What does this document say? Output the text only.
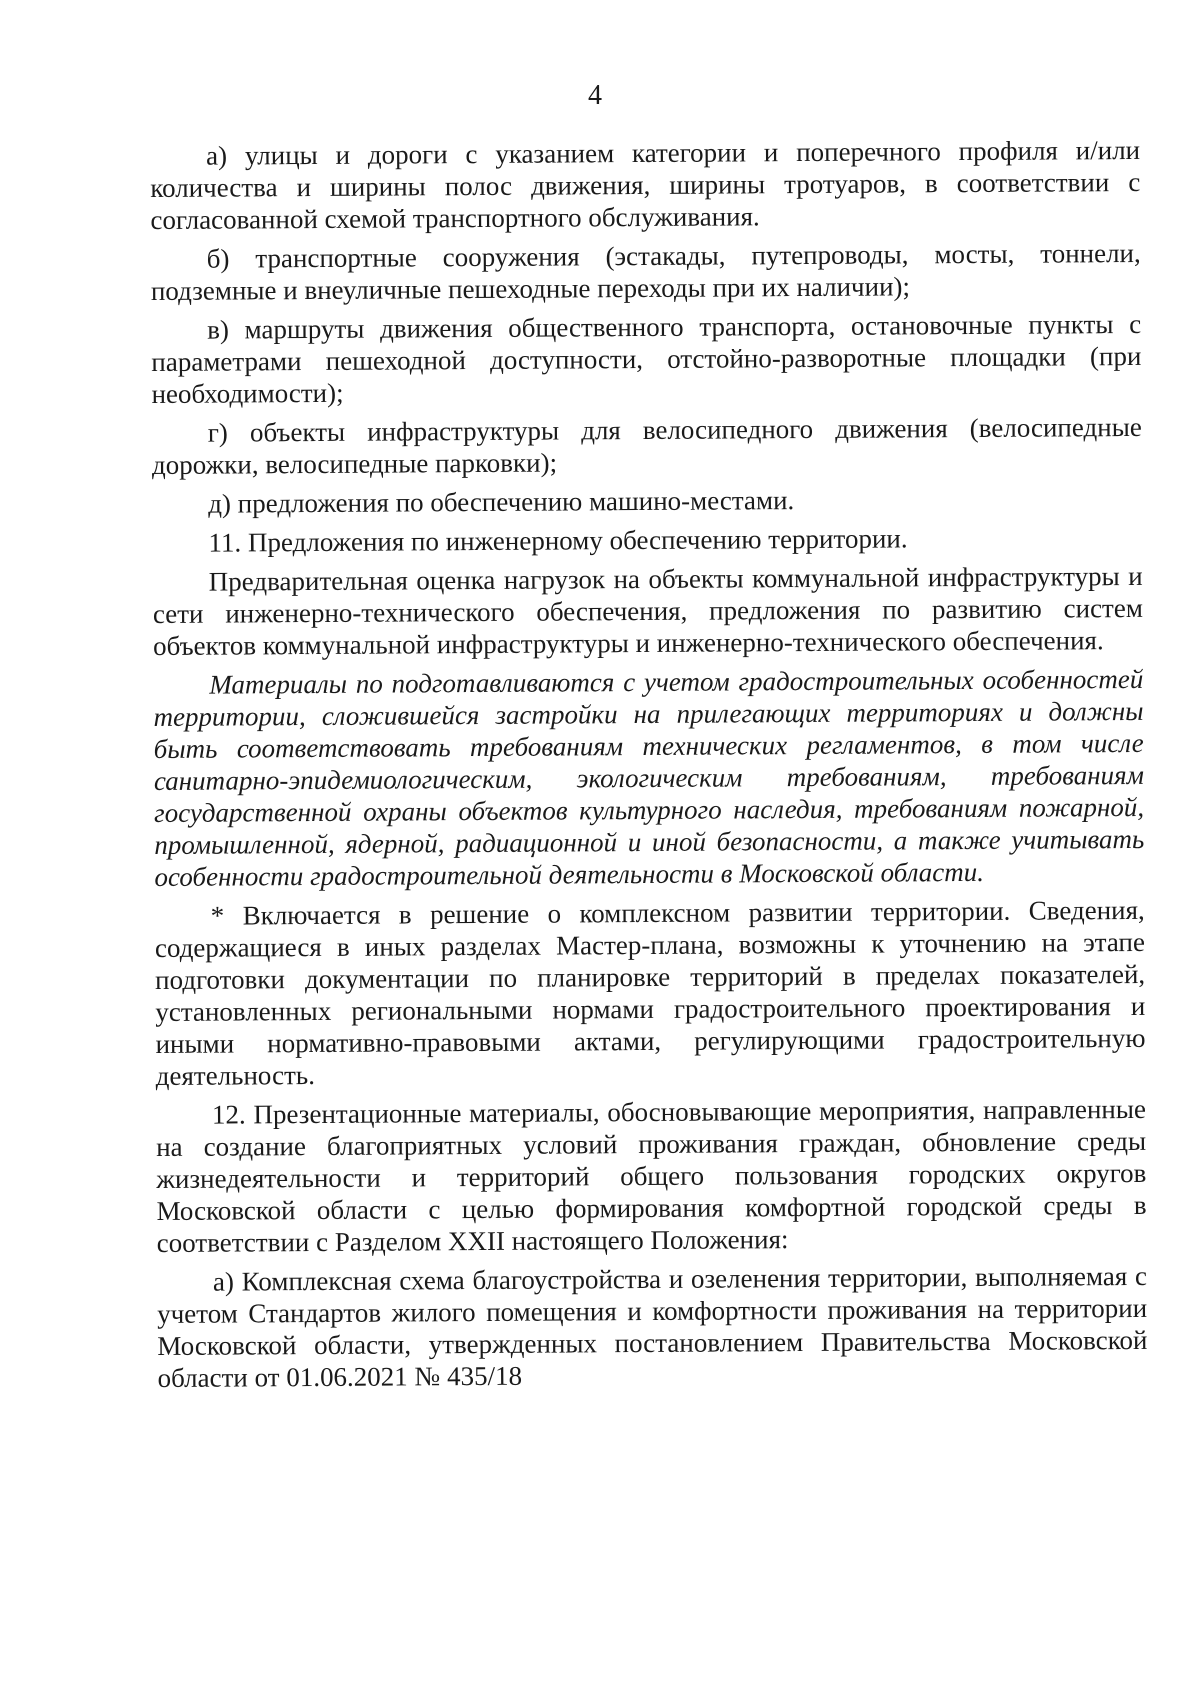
4

а) улицы и дороги с указанием категории и поперечного профиля и/или количества и ширины полос движения, ширины тротуаров, в соответствии с согласованной схемой транспортного обслуживания.

б) транспортные сооружения (эстакады, путепроводы, мосты, тоннели, подземные и внеуличные пешеходные переходы при их наличии);

в) маршруты движения общественного транспорта, остановочные пункты с параметрами пешеходной доступности, отстойно-разворотные площадки (при необходимости);

г) объекты инфраструктуры для велосипедного движения (велосипедные дорожки, велосипедные парковки);

д) предложения по обеспечению машино-местами.

11. Предложения по инженерному обеспечению территории.

Предварительная оценка нагрузок на объекты коммунальной инфраструктуры и сети инженерно-технического обеспечения, предложения по развитию систем объектов коммунальной инфраструктуры и инженерно-технического обеспечения.

Материалы по подготавливаются с учетом градостроительных особенностей территории, сложившейся застройки на прилегающих территориях и должны быть соответствовать требованиям технических регламентов, в том числе санитарно-эпидемиологическим, экологическим требованиям, требованиям государственной охраны объектов культурного наследия, требованиям пожарной, промышленной, ядерной, радиационной и иной безопасности, а также учитывать особенности градостроительной деятельности в Московской области.

* Включается в решение о комплексном развитии территории. Сведения, содержащиеся в иных разделах Мастер-плана, возможны к уточнению на этапе подготовки документации по планировке территорий в пределах показателей, установленных региональными нормами градостроительного проектирования и иными нормативно-правовыми актами, регулирующими градостроительную деятельность.

12. Презентационные материалы, обосновывающие мероприятия, направленные на создание благоприятных условий проживания граждан, обновление среды жизнедеятельности и территорий общего пользования городских округов Московской области с целью формирования комфортной городской среды в соответствии с Разделом XXII настоящего Положения:

а) Комплексная схема благоустройства и озеленения территории, выполняемая с учетом Стандартов жилого помещения и комфортности проживания на территории Московской области, утвержденных постановлением Правительства Московской области от 01.06.2021 № 435/18
